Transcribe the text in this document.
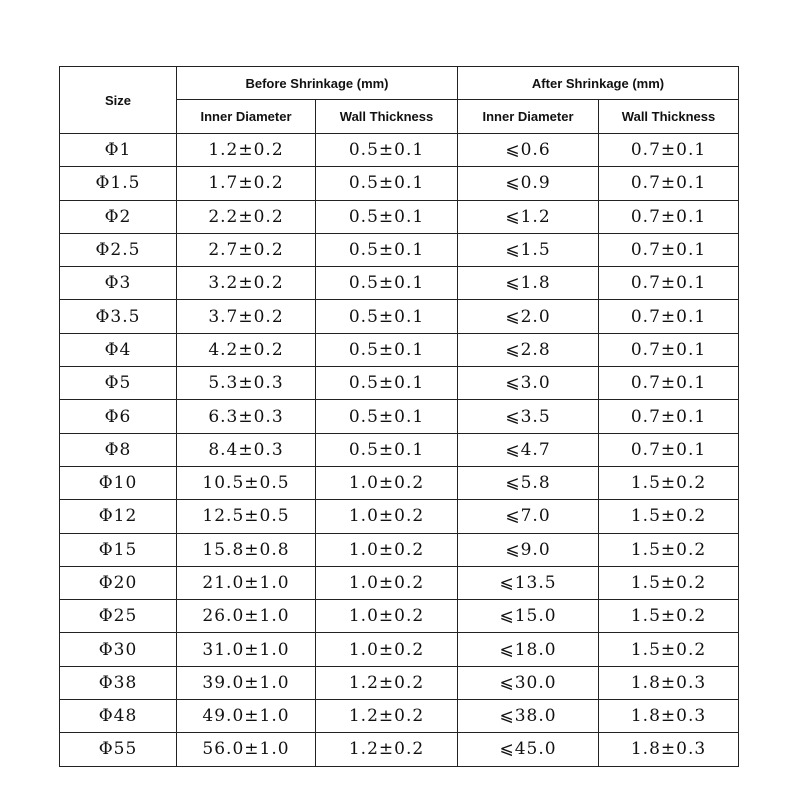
Size	Before Shrinkage (mm)		After Shrinkage (mm)	
	Inner Diameter	Wall Thickness	Inner Diameter	Wall Thickness
Φ1	1.2±0.2	0.5±0.1	⩽0.6	0.7±0.1
Φ1.5	1.7±0.2	0.5±0.1	⩽0.9	0.7±0.1
Φ2	2.2±0.2	0.5±0.1	⩽1.2	0.7±0.1
Φ2.5	2.7±0.2	0.5±0.1	⩽1.5	0.7±0.1
Φ3	3.2±0.2	0.5±0.1	⩽1.8	0.7±0.1
Φ3.5	3.7±0.2	0.5±0.1	⩽2.0	0.7±0.1
Φ4	4.2±0.2	0.5±0.1	⩽2.8	0.7±0.1
Φ5	5.3±0.3	0.5±0.1	⩽3.0	0.7±0.1
Φ6	6.3±0.3	0.5±0.1	⩽3.5	0.7±0.1
Φ8	8.4±0.3	0.5±0.1	⩽4.7	0.7±0.1
Φ10	10.5±0.5	1.0±0.2	⩽5.8	1.5±0.2
Φ12	12.5±0.5	1.0±0.2	⩽7.0	1.5±0.2
Φ15	15.8±0.8	1.0±0.2	⩽9.0	1.5±0.2
Φ20	21.0±1.0	1.0±0.2	⩽13.5	1.5±0.2
Φ25	26.0±1.0	1.0±0.2	⩽15.0	1.5±0.2
Φ30	31.0±1.0	1.0±0.2	⩽18.0	1.5±0.2
Φ38	39.0±1.0	1.2±0.2	⩽30.0	1.8±0.3
Φ48	49.0±1.0	1.2±0.2	⩽38.0	1.8±0.3
Φ55	56.0±1.0	1.2±0.2	⩽45.0	1.8±0.3
